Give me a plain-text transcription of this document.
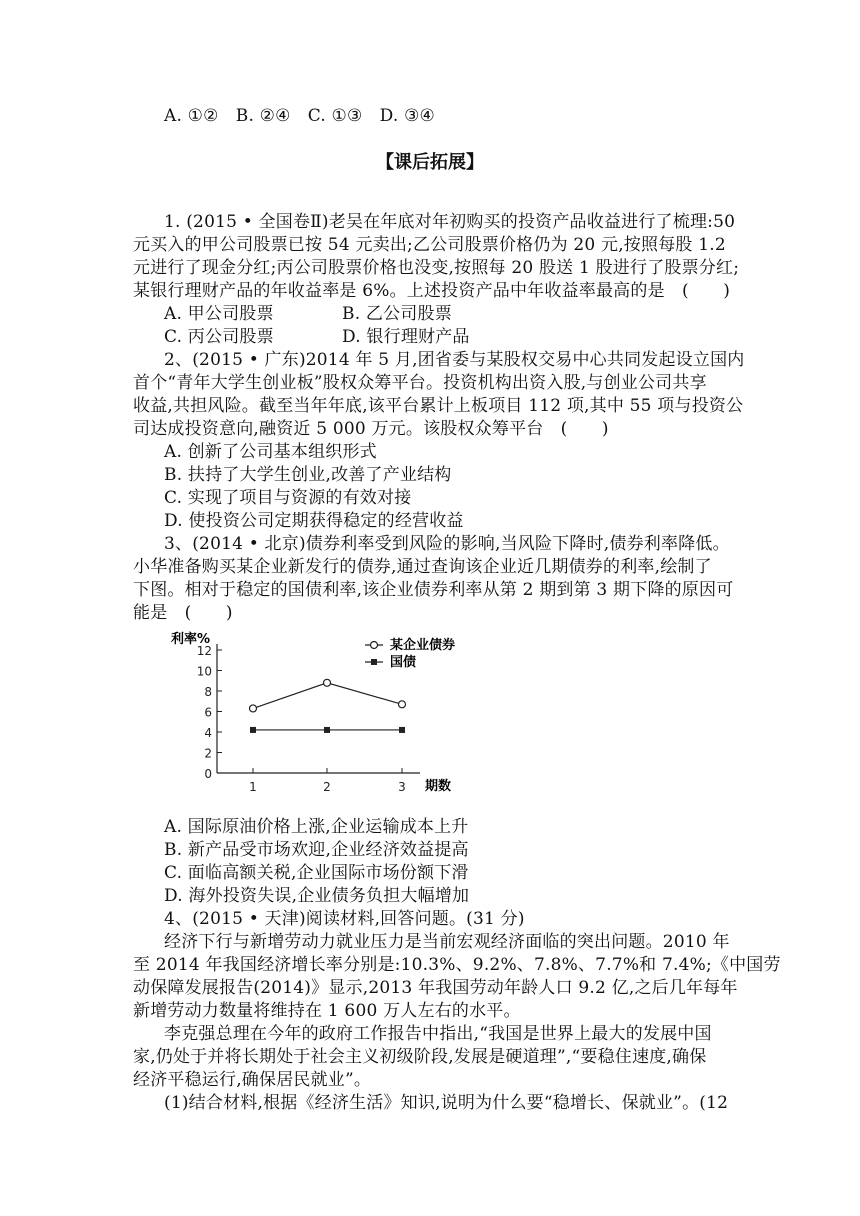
A. ①②　B. ②④　C. ①③　D. ③④
【课后拓展】
1. (2015 • 全国卷Ⅱ)老吴在年底对年初购买的投资产品收益进行了梳理:50
元买入的甲公司股票已按 54 元卖出;乙公司股票价格仍为 20 元,按照每股 1.2
元进行了现金分红;丙公司股票价格也没变,按照每 20 股送 1 股进行了股票分红;
某银行理财产品的年收益率是 6%。上述投资产品中年收益率最高的是　(　　)
A. 甲公司股票	B. 乙公司股票
C. 丙公司股票	D. 银行理财产品
2、(2015 • 广东)2014 年 5 月,团省委与某股权交易中心共同发起设立国内
首个“青年大学生创业板”股权众筹平台。投资机构出资入股,与创业公司共享
收益,共担风险。截至当年年底,该平台累计上板项目 112 项,其中 55 项与投资公
司达成投资意向,融资近 5 000 万元。该股权众筹平台　(　　)
A. 创新了公司基本组织形式
B. 扶持了大学生创业,改善了产业结构
C. 实现了项目与资源的有效对接
D. 使投资公司定期获得稳定的经营收益
3、(2014 • 北京)债券利率受到风险的影响,当风险下降时,债券利率降低。
小华准备购买某企业新发行的债券,通过查询该企业近几期债券的利率,绘制了
下图。相对于稳定的国债利率,该企业债券利率从第 2 期到第 3 期下降的原因可
能是　(　　)
利率%
期数
0
2
4
6
8
10
12
1	2	3
某企业债券
国债
A. 国际原油价格上涨,企业运输成本上升
B. 新产品受市场欢迎,企业经济效益提高
C. 面临高额关税,企业国际市场份额下滑
D. 海外投资失误,企业债务负担大幅增加
4、(2015 • 天津)阅读材料,回答问题。(31 分)
经济下行与新增劳动力就业压力是当前宏观经济面临的突出问题。2010 年
至 2014 年我国经济增长率分别是:10.3%、9.2%、7.8%、7.7%和 7.4%;《中国劳
动保障发展报告(2014)》显示,2013 年我国劳动年龄人口 9.2 亿,之后几年每年
新增劳动力数量将维持在 1 600 万人左右的水平。
李克强总理在今年的政府工作报告中指出,“我国是世界上最大的发展中国
家,仍处于并将长期处于社会主义初级阶段,发展是硬道理”,“要稳住速度,确保
经济平稳运行,确保居民就业”。
(1)结合材料,根据《经济生活》知识,说明为什么要“稳增长、保就业”。(12
